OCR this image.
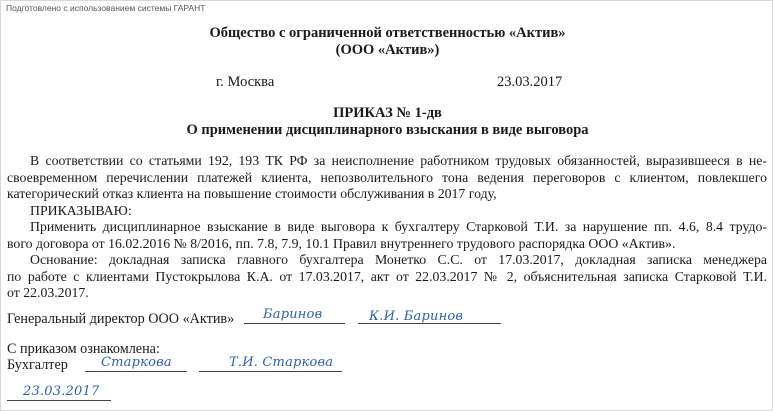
Подготовлено с использованием системы ГАРАНТ
Общество с ограниченной ответственностью «Актив»
(ООО «Актив»)
г. Москва	23.03.2017
ПРИКАЗ № 1-дв
О применении дисциплинарного взыскания в виде выговора
В соответствии со статьями 192, 193 ТК РФ за неисполнение работником трудовых обязанностей, выразившееся в не-
своевременном перечислении платежей клиента, непозволительного тона ведения переговоров с клиентом, повлекшего
категорический отказ клиента на повышение стоимости обслуживания в 2017 году,
ПРИКАЗЫВАЮ:
Применить дисциплинарное взыскание в виде выговора к бухгалтеру Старковой Т.И. за нарушение пп. 4.6, 8.4 трудо-
вого договора от 16.02.2016 № 8/2016, пп. 7.8, 7.9, 10.1 Правил внутреннего трудового распорядка ООО «Актив».
Основание: докладная записка главного бухгалтера Монетко С.С. от 17.03.2017, докладная записка менеджера
по работе с клиентами Пустокрылова К.А. от 17.03.2017, акт от 22.03.2017 № 2, объяснительная записка Старковой Т.И.
от 22.03.2017.
Генеральный директор ООО «Актив» Баринов	К.И. Баринов
С приказом ознакомлена:
Бухгалтер	Старкова	Т.И. Старкова
23.03.2017
